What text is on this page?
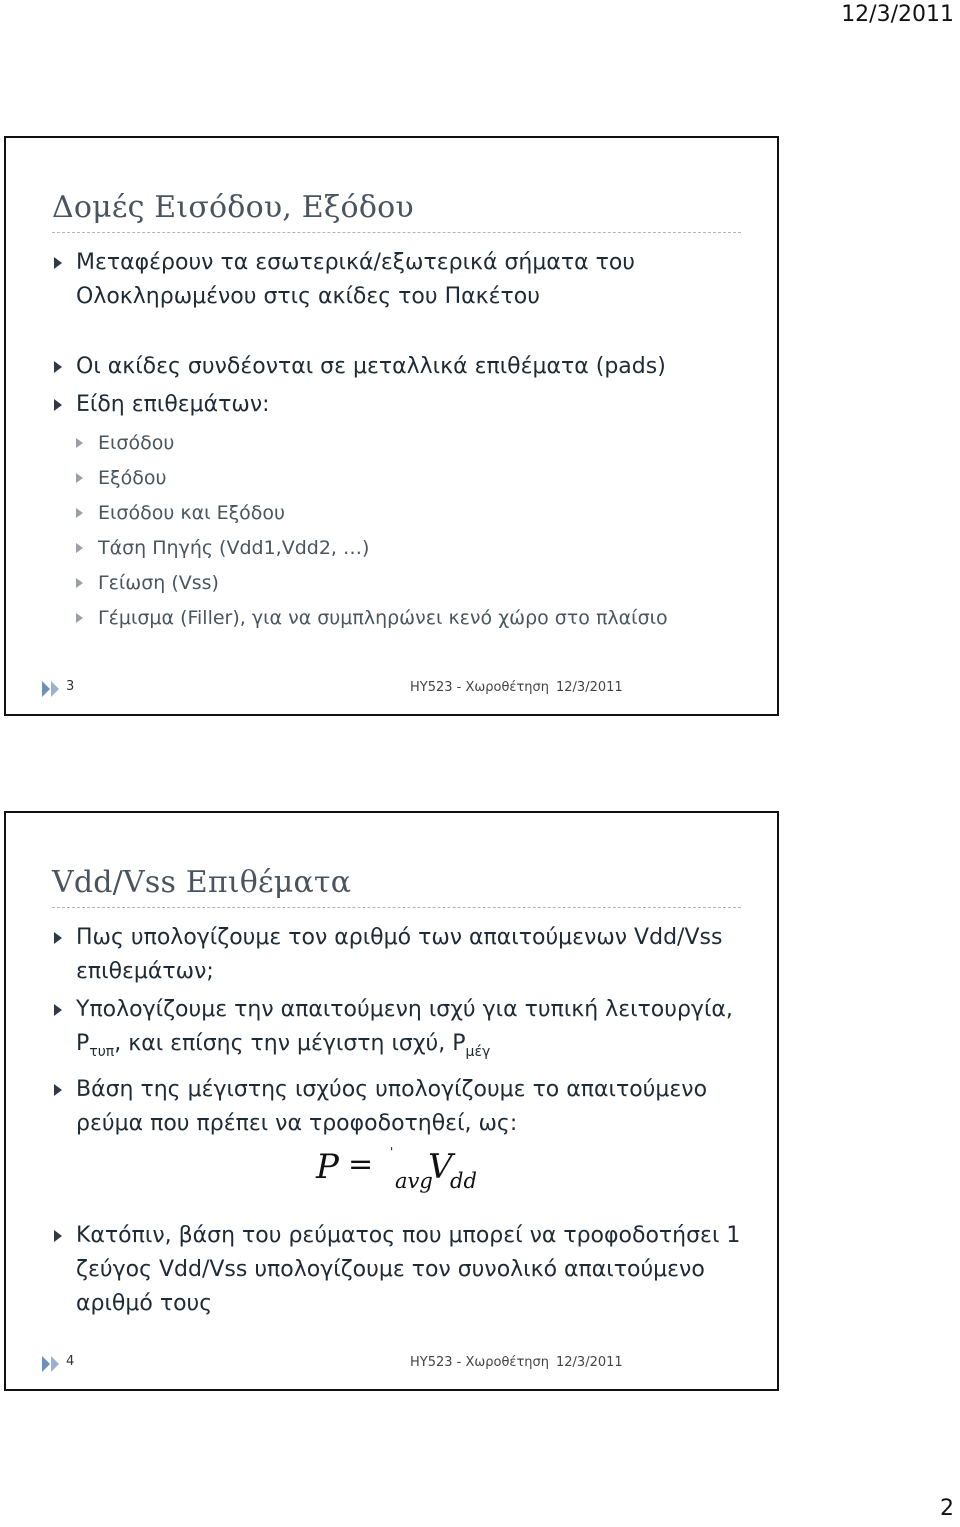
12/3/2011
Δομές Εισόδου, Εξόδου
Μεταφέρουν τα εσωτερικά/εξωτερικά σήματα του Ολοκληρωμένου στις ακίδες του Πακέτου
Οι ακίδες συνδέονται σε μεταλλικά επιθέματα (pads)
Είδη επιθεμάτων:
Εισόδου
Εξόδου
Εισόδου και Εξόδου
Τάση Πηγής (Vdd1,Vdd2, …)
Γείωση (Vss)
Γέμισμα (Filler), για να συμπληρώνει κενό χώρο στο πλαίσιο
3	ΗΥ523 - Χωροθέτηση 12/3/2011
Vdd/Vss Επιθέματα
Πως υπολογίζουμε τον αριθμό των απαιτούμενων Vdd/Vss επιθεμάτων;
Υπολογίζουμε την απαιτούμενη ισχύ για τυπική λειτουργία, $P_{\tau\upsilon\pi}$, και επίσης την μέγιστη ισχύ, $P_{\mu έ\gamma}$
Βάση της μέγιστης ισχύος υπολογίζουμε το απαιτούμενο ρεύμα που πρέπει να τροφοδοτηθεί, ως:
P = '
avg
V
dd
Κατόπιν, βάση του ρεύματος που μπορεί να τροφοδοτήσει 1 ζεύγος Vdd/Vss υπολογίζουμε τον συνολικό απαιτούμενο αριθμό τους
4	ΗΥ523 - Χωροθέτηση 12/3/2011
2
